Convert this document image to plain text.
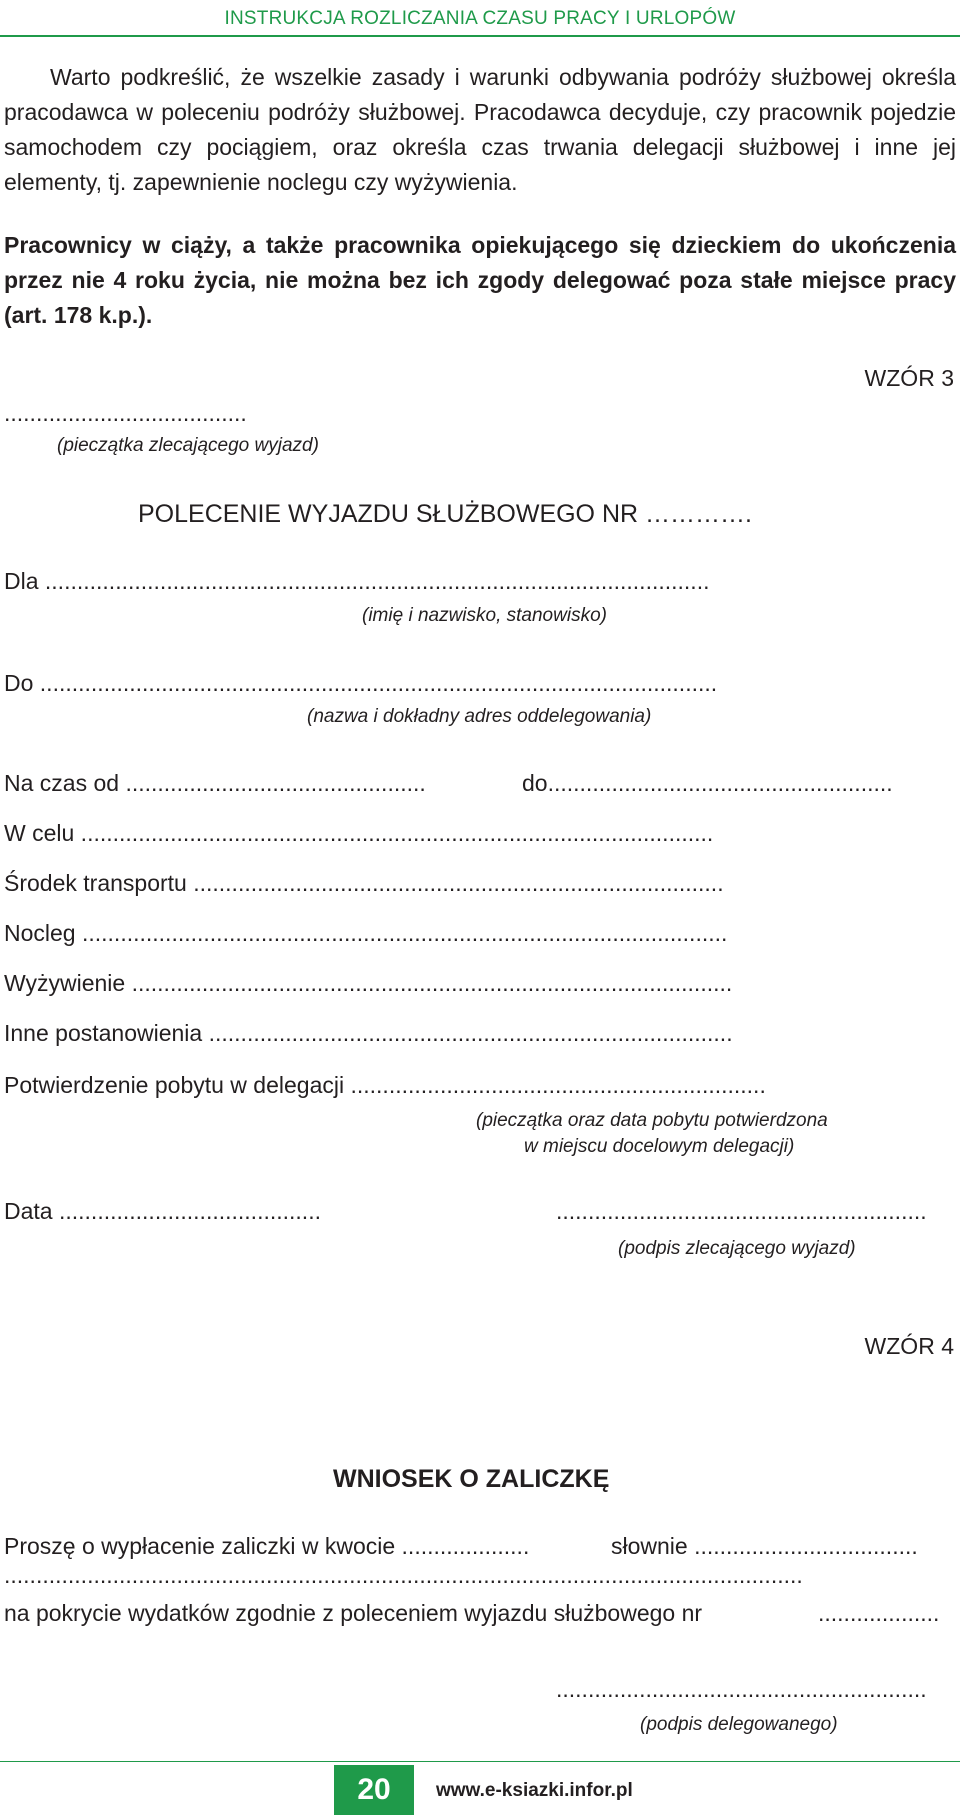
INSTRUKCJA ROZLICZANIA CZASU PRACY I URLOPÓW
Warto podkreślić, że wszelkie zasady i warunki odbywania podróży służbowej określa pracodawca w poleceniu podróży służbowej. Pracodawca decyduje, czy pracownik pojedzie samochodem czy pociągiem, oraz określa czas trwania delegacji służbowej i inne jej elementy, tj. zapewnienie noclegu czy wyżywienia.
Pracownicy w ciąży, a także pracownika opiekującego się dzieckiem do ukończenia przez nie 4 roku życia, nie można bez ich zgody delegować poza stałe miejsce pracy (art. 178 k.p.).
WZÓR 3
......................................
(pieczątka zlecającego wyjazd)
POLECENIE WYJAZDU SŁUŻBOWEGO NR ………….
Dla ........................................................................................................
(imię i nazwisko, stanowisko)
Do ..........................................................................................................
(nazwa i dokładny adres oddelegowania)
Na czas od ...............................................	do......................................................
W celu ...................................................................................................
Środek transportu ...................................................................................
Nocleg .....................................................................................................
Wyżywienie ..............................................................................................
Inne postanowienia ..................................................................................
Potwierdzenie pobytu w delegacji .................................................................
(pieczątka oraz data pobytu potwierdzona
w miejscu docelowym delegacji)
Data .........................................	..........................................................
(podpis zlecającego wyjazd)
WZÓR 4
WNIOSEK O ZALICZKĘ
Proszę o wypłacenie zaliczki w kwocie ....................	słownie ...................................
.............................................................................................................................
na pokrycie wydatków zgodnie z poleceniem wyjazdu służbowego nr	...................
..........................................................
(podpis delegowanego)
20	www.e-ksiazki.infor.pl
